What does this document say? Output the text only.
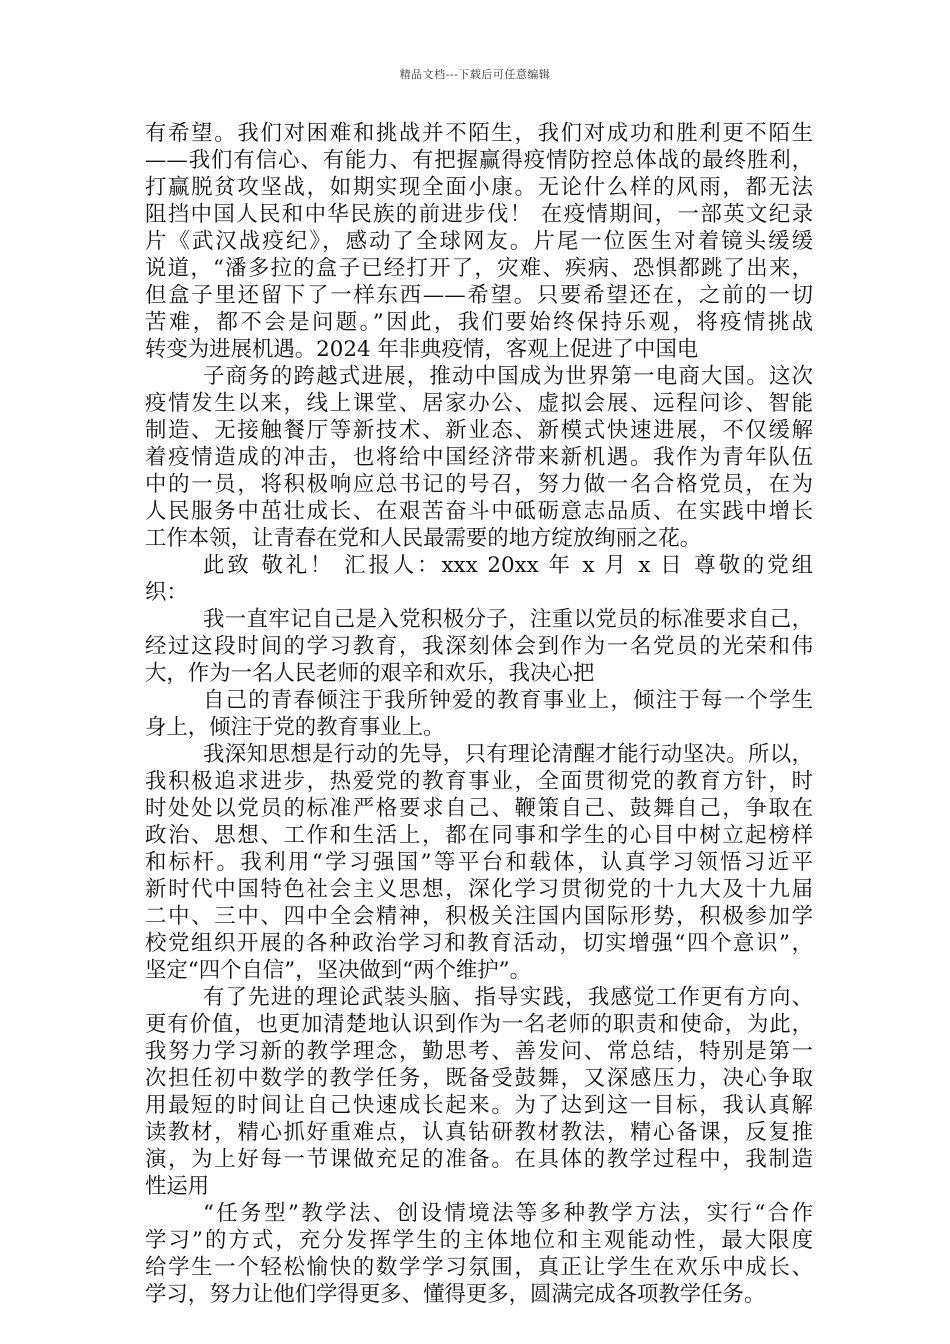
精品文档---下载后可任意编辑
有希望。我们对困难和挑战并不陌生，我们对成功和胜利更不陌生
——我们有信心、有能力、有把握赢得疫情防控总体战的最终胜利，
打赢脱贫攻坚战，如期实现全面小康。无论什么样的风雨，都无法
阻挡中国人民和中华民族的前进步伐！ 在疫情期间，一部英文纪录
片《武汉战疫纪》，感动了全球网友。片尾一位医生对着镜头缓缓
说道，“潘多拉的盒子已经打开了，灾难、疾病、恐惧都跳了出来，
但盒子里还留下了一样东西——希望。只要希望还在，之前的一切
苦难，都不会是问题。”因此，我们要始终保持乐观，将疫情挑战
转变为进展机遇。2024 年非典疫情，客观上促进了中国电
子商务的跨越式进展，推动中国成为世界第一电商大国。这次
疫情发生以来，线上课堂、居家办公、虚拟会展、远程问诊、智能
制造、无接触餐厅等新技术、新业态、新模式快速进展，不仅缓解
着疫情造成的冲击，也将给中国经济带来新机遇。我作为青年队伍
中的一员，将积极响应总书记的号召，努力做一名合格党员，在为
人民服务中茁壮成长、在艰苦奋斗中砥砺意志品质、在实践中增长
工作本领，让青春在党和人民最需要的地方绽放绚丽之花。
此致 敬礼！ 汇报人：xxx 20xx 年 x 月 x 日 尊敬的党组
织：
我一直牢记自己是入党积极分子，注重以党员的标准要求自己，
经过这段时间的学习教育，我深刻体会到作为一名党员的光荣和伟
大，作为一名人民老师的艰辛和欢乐，我决心把
自己的青春倾注于我所钟爱的教育事业上，倾注于每一个学生
身上，倾注于党的教育事业上。
我深知思想是行动的先导，只有理论清醒才能行动坚决。所以，
我积极追求进步，热爱党的教育事业，全面贯彻党的教育方针，时
时处处以党员的标准严格要求自己、鞭策自己、鼓舞自己，争取在
政治、思想、工作和生活上，都在同事和学生的心目中树立起榜样
和标杆。我利用“学习强国”等平台和载体，认真学习领悟习近平
新时代中国特色社会主义思想，深化学习贯彻党的十九大及十九届
二中、三中、四中全会精神，积极关注国内国际形势，积极参加学
校党组织开展的各种政治学习和教育活动，切实增强“四个意识”，
坚定“四个自信”，坚决做到“两个维护”。
有了先进的理论武装头脑、指导实践，我感觉工作更有方向、
更有价值，也更加清楚地认识到作为一名老师的职责和使命，为此，
我努力学习新的教学理念，勤思考、善发问、常总结，特别是第一
次担任初中数学的教学任务，既备受鼓舞，又深感压力，决心争取
用最短的时间让自己快速成长起来。为了达到这一目标，我认真解
读教材，精心抓好重难点，认真钻研教材教法，精心备课，反复推
演，为上好每一节课做充足的准备。在具体的教学过程中，我制造
性运用
“任务型”教学法、创设情境法等多种教学方法，实行“合作
学习”的方式，充分发挥学生的主体地位和主观能动性，最大限度
给学生一个轻松愉快的数学学习氛围，真正让学生在欢乐中成长、
学习，努力让他们学得更多、懂得更多，圆满完成各项教学任务。
